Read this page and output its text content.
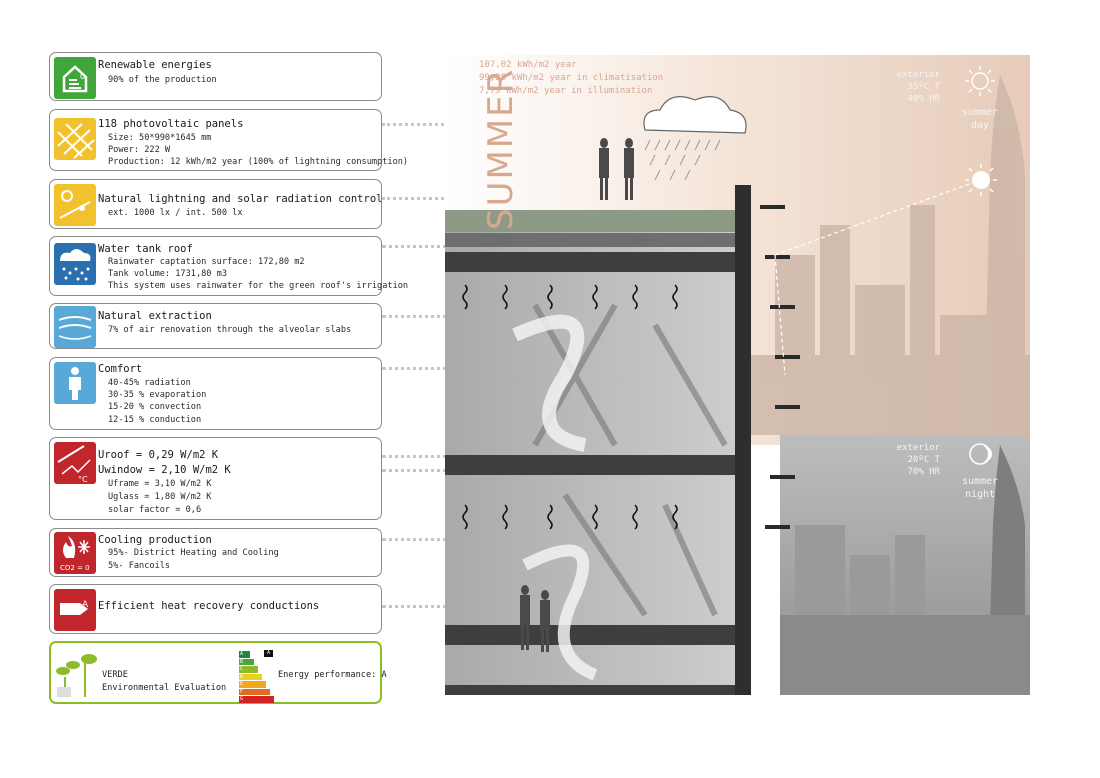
0
Renewable energies
90% of the production
118 photovoltaic panels
Size: 50*990*1645 mm
Power: 222 W
Production: 12 kWh/m2 year (100% of lightning consumption)
Natural lightning and solar radiation control
ext. 1000 lx / int. 500 lx
Water tank roof
Rainwater captation surface: 172,80 m2
Tank volume: 1731,80 m3
This system uses rainwater for the green roof's irrigation
Natural extraction
7% of air renovation through the alveolar slabs
Comfort
40-45% radiation
30-35 % evaporation
15-20 % convection
12-15 % conduction
°C
Uroof = 0,29 W/m2 K
Uwindow = 2,10 W/m2 K
Uframe = 3,10 W/m2 K
Uglass = 1,80 W/m2 K
solar factor = 0,6
CO2 = 0
Cooling production
95%- District Heating and Cooling
5%- Fancoils
A Efficient heat recovery conductions
VERDE
Environmental Evaluation
A
B
C
D
E
F
G
A
Energy performance: A
SUMMER
107,02 kWh/m2 year
99,28 kWh/m2 year in climatisation
7,79 kWh/m2 year in illumination
exterior
35ºC T
40% HR
summer
day
exterior
20ºC T
70% HR
summer
night
